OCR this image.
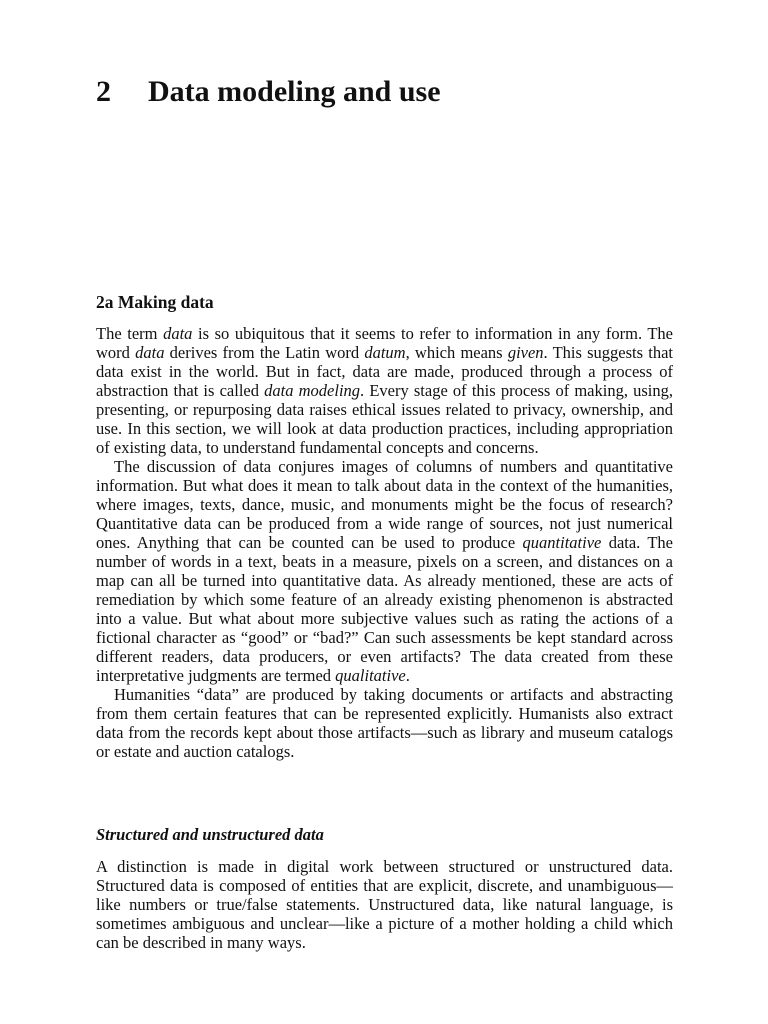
2 Data modeling and use
2a Making data

The term data is so ubiquitous that it seems to refer to information in any form. The word data derives from the Latin word datum, which means given. This suggests that data exist in the world. But in fact, data are made, produced through a process of abstraction that is called data modeling. Every stage of this process of making, using, presenting, or repurposing data raises ethical issues related to privacy, ownership, and use. In this section, we will look at data production practices, including appropriation of existing data, to understand fundamental concepts and concerns.

The discussion of data conjures images of columns of numbers and quantitative information. But what does it mean to talk about data in the context of the humanities, where images, texts, dance, music, and monuments might be the focus of research? Quantitative data can be produced from a wide range of sources, not just numerical ones. Anything that can be counted can be used to produce quantitative data. The number of words in a text, beats in a measure, pixels on a screen, and distances on a map can all be turned into quantitative data. As already mentioned, these are acts of remediation by which some feature of an already existing phenomenon is abstracted into a value. But what about more subjective values such as rating the actions of a fictional character as “good” or “bad?” Can such assessments be kept standard across different readers, data producers, or even artifacts? The data created from these interpretative judgments are termed qualitative.

Humanities “data” are produced by taking documents or artifacts and abstracting from them certain features that can be represented explicitly. Humanists also extract data from the records kept about those artifacts—such as library and museum catalogs or estate and auction catalogs.

Structured and unstructured data

A distinction is made in digital work between structured or unstructured data. Structured data is composed of entities that are explicit, discrete, and unambiguous—like numbers or true/false statements. Unstructured data, like natural language, is sometimes ambiguous and unclear—like a picture of a mother holding a child which can be described in many ways.
